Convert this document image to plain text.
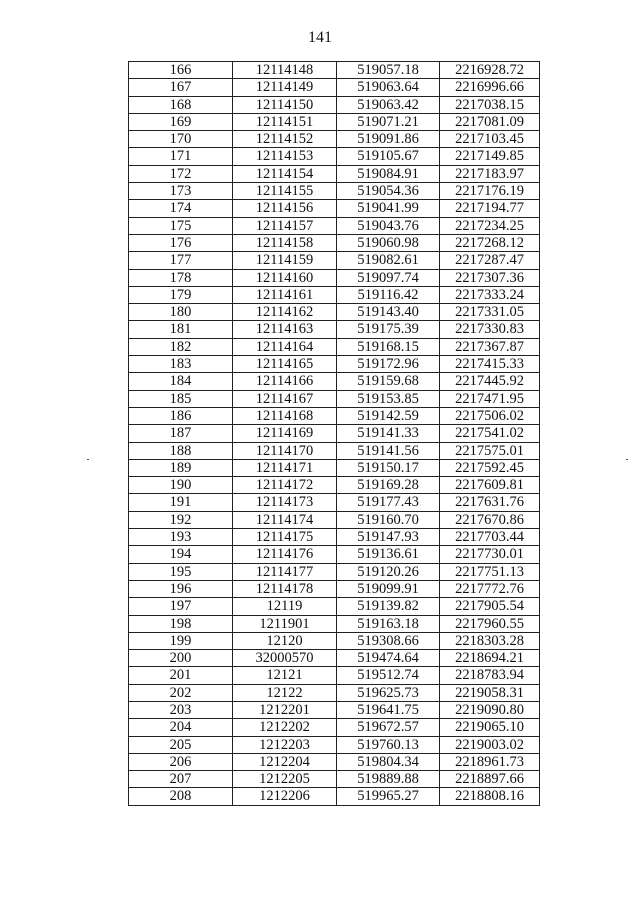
141
166	12114148	519057.18	2216928.72
167	12114149	519063.64	2216996.66
168	12114150	519063.42	2217038.15
169	12114151	519071.21	2217081.09
170	12114152	519091.86	2217103.45
171	12114153	519105.67	2217149.85
172	12114154	519084.91	2217183.97
173	12114155	519054.36	2217176.19
174	12114156	519041.99	2217194.77
175	12114157	519043.76	2217234.25
176	12114158	519060.98	2217268.12
177	12114159	519082.61	2217287.47
178	12114160	519097.74	2217307.36
179	12114161	519116.42	2217333.24
180	12114162	519143.40	2217331.05
181	12114163	519175.39	2217330.83
182	12114164	519168.15	2217367.87
183	12114165	519172.96	2217415.33
184	12114166	519159.68	2217445.92
185	12114167	519153.85	2217471.95
186	12114168	519142.59	2217506.02
187	12114169	519141.33	2217541.02
188	12114170	519141.56	2217575.01
189	12114171	519150.17	2217592.45
190	12114172	519169.28	2217609.81
191	12114173	519177.43	2217631.76
192	12114174	519160.70	2217670.86
193	12114175	519147.93	2217703.44
194	12114176	519136.61	2217730.01
195	12114177	519120.26	2217751.13
196	12114178	519099.91	2217772.76
197	12119	519139.82	2217905.54
198	1211901	519163.18	2217960.55
199	12120	519308.66	2218303.28
200	32000570	519474.64	2218694.21
201	12121	519512.74	2218783.94
202	12122	519625.73	2219058.31
203	1212201	519641.75	2219090.80
204	1212202	519672.57	2219065.10
205	1212203	519760.13	2219003.02
206	1212204	519804.34	2218961.73
207	1212205	519889.88	2218897.66
208	1212206	519965.27	2218808.16
